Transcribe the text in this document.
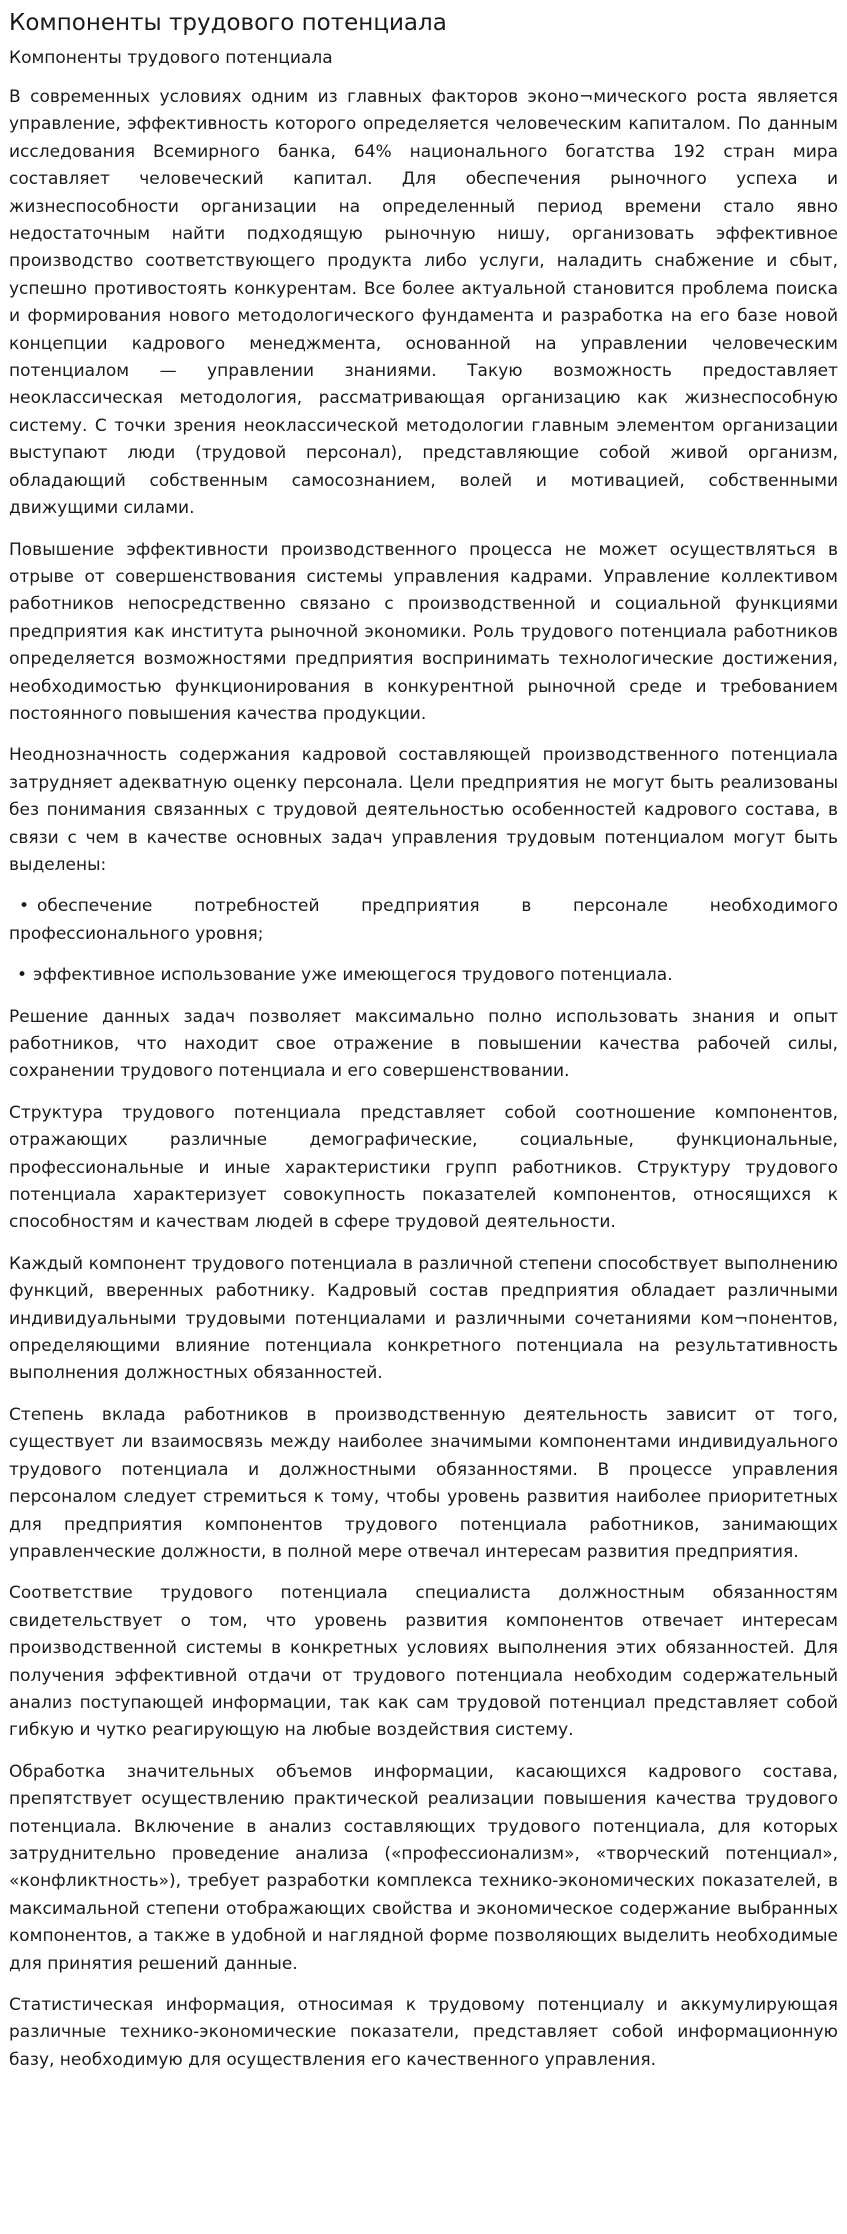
Компоненты трудового потенциала
Компоненты трудового потенциала

В современных условиях одним из главных факторов эконо¬мического роста является управление, эффективность которого определяется человеческим капиталом. По данным исследования Всемирного банка, 64% национального богатства 192 стран мира составляет человеческий капитал. Для обеспечения рыночного успеха и жизнеспособности организации на определенный период времени стало явно недостаточным найти подходящую рыночную нишу, организовать эффективное производство соответствующего продукта либо услуги, наладить снабжение и сбыт, успешно противостоять конкурентам. Все более актуальной становится проблема поиска и формирования нового методологического фундамента и разработка на его базе новой концепции кадрового менеджмента, основанной на управлении человеческим потенциалом — управлении знаниями. Такую возможность предоставляет неоклассическая методология, рассматривающая организацию как жизнеспособную систему. С точки зрения неоклассической методологии главным элементом организации выступают люди (трудовой персонал), представляющие собой живой организм, обладающий собственным самосознанием, волей и мотивацией, собственными движущими силами.

Повышение эффективности производственного процесса не может осуществляться в отрыве от совершенствования системы управления кадрами. Управление коллективом работников непосредственно связано с производственной и социальной функциями предприятия как института рыночной экономики. Роль трудового потенциала работников определяется возможностями предприятия воспринимать технологические достижения, необходимостью функционирования в конкурентной рыночной среде и требованием постоянного повышения качества продукции.

Неоднозначность содержания кадровой составляющей производственного потенциала затрудняет адекватную оценку персонала. Цели предприятия не могут быть реализованы без понимания связанных с трудовой деятельностью особенностей кадрового состава, в связи с чем в качестве основных задач управления трудовым потенциалом могут быть выделены:

• обеспечение потребностей предприятия в персонале необходимого профессионального уровня;
• эффективное использование уже имеющегося трудового потенциала.

Решение данных задач позволяет максимально полно использовать знания и опыт работников, что находит свое отражение в повышении качества рабочей силы, сохранении трудового потенциала и его совершенствовании.

Структура трудового потенциала представляет собой соотношение компонентов, отражающих различные демографические, социальные, функциональные, профессиональные и иные характеристики групп работников. Структуру трудового потенциала характеризует совокупность показателей компонентов, относящихся к способностям и качествам людей в сфере трудовой деятельности.

Каждый компонент трудового потенциала в различной степени способствует выполнению функций, вверенных работнику. Кадровый состав предприятия обладает различными индивидуальными трудовыми потенциалами и различными сочетаниями ком¬понентов, определяющими влияние потенциала конкретного потенциала на результативность выполнения должностных обязанностей.

Степень вклада работников в производственную деятельность зависит от того, существует ли взаимосвязь между наиболее значимыми компонентами индивидуального трудового потенциала и должностными обязанностями. В процессе управления персоналом следует стремиться к тому, чтобы уровень развития наиболее приоритетных для предприятия компонентов трудового потенциала работников, занимающих управленческие должности, в полной мере отвечал интересам развития предприятия.

Соответствие трудового потенциала специалиста должностным обязанностям свидетельствует о том, что уровень развития компонентов отвечает интересам производственной системы в конкретных условиях выполнения этих обязанностей. Для получения эффективной отдачи от трудового потенциала необходим содержательный анализ поступающей информации, так как сам трудовой потенциал представляет собой гибкую и чутко реагирующую на любые воздействия систему.

Обработка значительных объемов информации, касающихся кадрового состава, препятствует осуществлению практической реализации повышения качества трудового потенциала. Включение в анализ составляющих трудового потенциала, для которых затруднительно проведение анализа («профессионализм», «творческий потенциал», «конфликтность»), требует разработки комплекса технико-экономических показателей, в максимальной степени отображающих свойства и экономическое содержание выбранных компонентов, а также в удобной и наглядной форме позволяющих выделить необходимые для принятия решений данные.

Статистическая информация, относимая к трудовому потенциалу и аккумулирующая различные технико-экономические показатели, представляет собой информационную базу, необходимую для осуществления его качественного управления.
